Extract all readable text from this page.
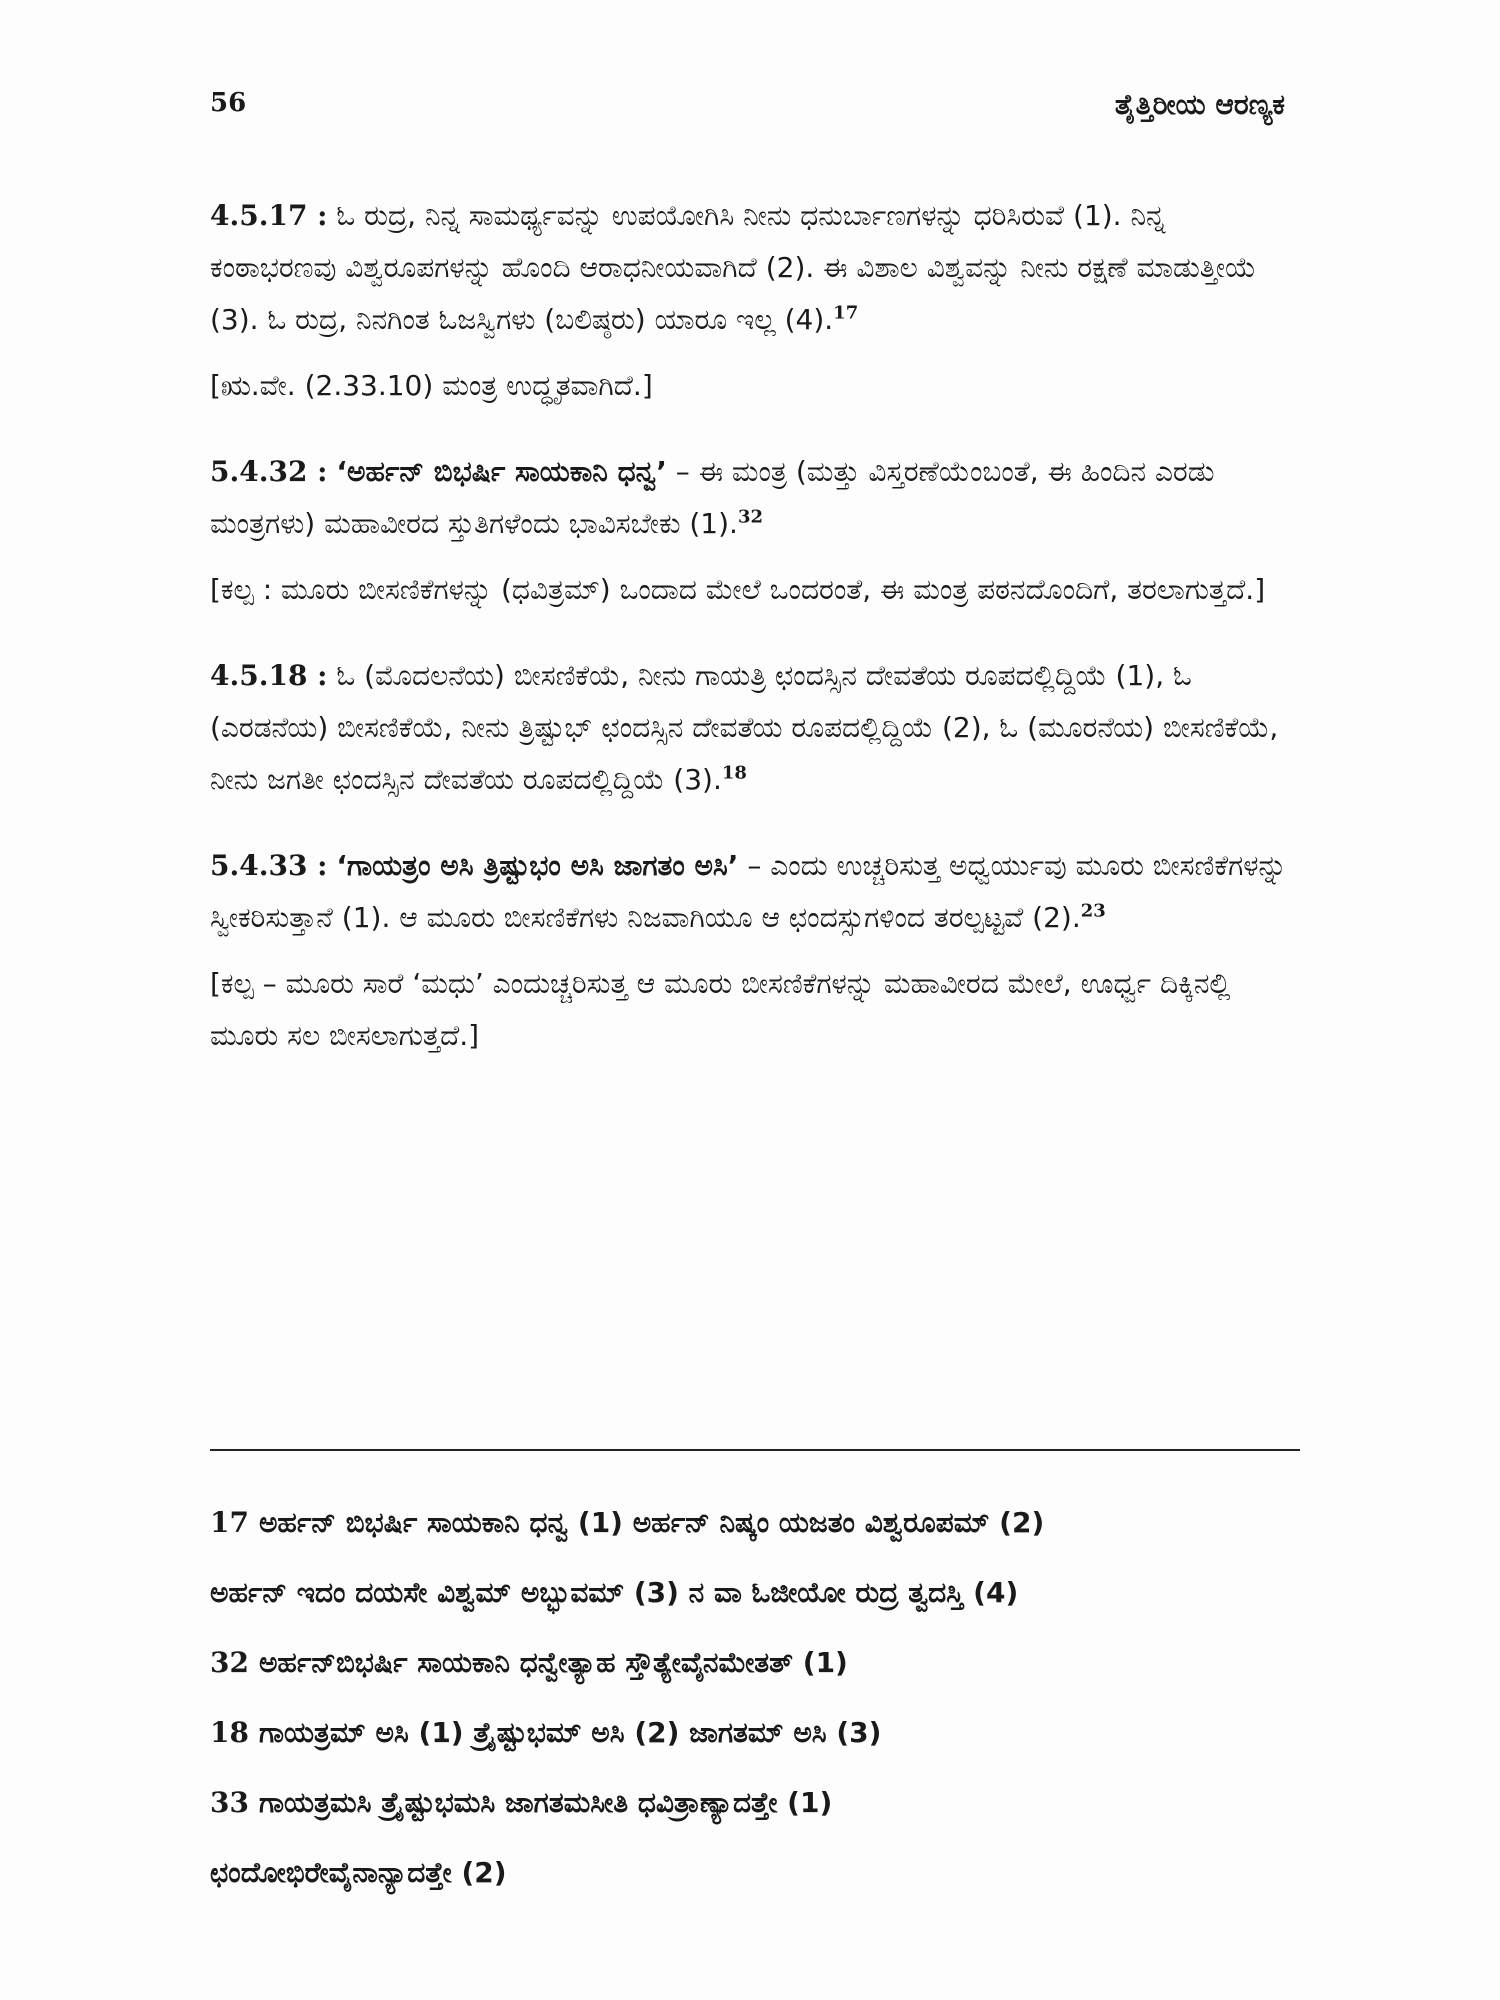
56	ತೈತ್ತಿರೀಯ ಆರಣ್ಯಕ

4.5.17 : ಓ ರುದ್ರ, ನಿನ್ನ ಸಾಮರ್ಥ್ಯವನ್ನು ಉಪಯೋಗಿಸಿ ನೀನು ಧನುರ್ಬಾಣಗಳನ್ನು ಧರಿಸಿರುವೆ (1). ನಿನ್ನ ಕಂಠಾಭರಣವು ವಿಶ್ವರೂಪಗಳನ್ನು ಹೊಂದಿ ಆರಾಧನೀಯವಾಗಿದೆ (2). ಈ ವಿಶಾಲ ವಿಶ್ವವನ್ನು ನೀನು ರಕ್ಷಣೆ ಮಾಡುತ್ತೀಯೆ (3). ಓ ರುದ್ರ, ನಿನಗಿಂತ ಓಜಸ್ವಿಗಳು (ಬಲಿಷ್ಠರು) ಯಾರೂ ಇಲ್ಲ (4).$^{17}$

[ಋ.ವೇ. (2.33.10) ಮಂತ್ರ ಉದ್ಧೃತವಾಗಿದೆ.]

5.4.32 : ‘ಅರ್ಹನ್ ಬಿಭರ್ಷಿ ಸಾಯಕಾನಿ ಧನ್ವ’ – ಈ ಮಂತ್ರ (ಮತ್ತು ವಿಸ್ತರಣೆಯೆಂಬಂತೆ, ಈ ಹಿಂದಿನ ಎರಡು ಮಂತ್ರಗಳು) ಮಹಾವೀರದ ಸ್ತುತಿಗಳೆಂದು ಭಾವಿಸಬೇಕು (1).$^{32}$

[ಕಲ್ಪ : ಮೂರು ಬೀಸಣಿಕೆಗಳನ್ನು (ಧವಿತ್ರಮ್) ಒಂದಾದ ಮೇಲೆ ಒಂದರಂತೆ, ಈ ಮಂತ್ರ ಪಠನದೊಂದಿಗೆ, ತರಲಾಗುತ್ತದೆ.]

4.5.18 : ಓ (ಮೊದಲನೆಯ) ಬೀಸಣಿಕೆಯೆ, ನೀನು ಗಾಯತ್ರಿ ಛಂದಸ್ಸಿನ ದೇವತೆಯ ರೂಪದಲ್ಲಿದ್ದಿಯೆ (1), ಓ (ಎರಡನೆಯ) ಬೀಸಣಿಕೆಯೆ, ನೀನು ತ್ರಿಷ್ಟುಭ್ ಛಂದಸ್ಸಿನ ದೇವತೆಯ ರೂಪದಲ್ಲಿದ್ದಿಯೆ (2), ಓ (ಮೂರನೆಯ) ಬೀಸಣಿಕೆಯೆ, ನೀನು ಜಗತೀ ಛಂದಸ್ಸಿನ ದೇವತೆಯ ರೂಪದಲ್ಲಿದ್ದಿಯೆ (3).$^{18}$

5.4.33 : ‘ಗಾಯತ್ರಂ ಅಸಿ ತ್ರಿಷ್ಟುಭಂ ಅಸಿ ಜಾಗತಂ ಅಸಿ’ – ಎಂದು ಉಚ್ಚರಿಸುತ್ತ ಅಧ್ವರ್ಯುವು ಮೂರು ಬೀಸಣಿಕೆಗಳನ್ನು ಸ್ವೀಕರಿಸುತ್ತಾನೆ (1). ಆ ಮೂರು ಬೀಸಣಿಕೆಗಳು ನಿಜವಾಗಿಯೂ ಆ ಛಂದಸ್ಸುಗಳಿಂದ ತರಲ್ಪಟ್ಟವೆ (2).$^{23}$

[ಕಲ್ಪ – ಮೂರು ಸಾರೆ ‘ಮಧು’ ಎಂದುಚ್ಚರಿಸುತ್ತ ಆ ಮೂರು ಬೀಸಣಿಕೆಗಳನ್ನು ಮಹಾವೀರದ ಮೇಲೆ, ಊರ್ಧ್ವ ದಿಕ್ಕಿನಲ್ಲಿ ಮೂರು ಸಲ ಬೀಸಲಾಗುತ್ತದೆ.]

17 ಅರ್ಹನ್ ಬಿಭರ್ಷಿ ಸಾಯಕಾನಿ ಧನ್ವ (1) ಅರ್ಹನ್ ನಿಷ್ಕಂ ಯಜತಂ ವಿಶ್ವರೂಪಮ್ (2)
ಅರ್ಹನ್ ಇದಂ ದಯಸೇ ವಿಶ್ವಮ್ ಅಬ್ಭುವಮ್ (3) ನ ವಾ ಓಜೀಯೋ ರುದ್ರ ತ್ವದಸ್ತಿ (4)
32 ಅರ್ಹನ್‌ಬಿಭರ್ಷಿ ಸಾಯಕಾನಿ ಧನ್ವೇತ್ಯಾಹ ಸ್ತೌತ್ಯೇವೈನಮೇತತ್ (1)
18 ಗಾಯತ್ರಮ್ ಅಸಿ (1) ತ್ರೈಷ್ಟುಭಮ್ ಅಸಿ (2) ಜಾಗತಮ್ ಅಸಿ (3)
33 ಗಾಯತ್ರಮಸಿ ತ್ರೈಷ್ಟುಭಮಸಿ ಜಾಗತಮಸೀತಿ ಧವಿತ್ರಾಣ್ಯಾದತ್ತೇ (1)
ಛಂದೋಭಿರೇವೈನಾನ್ಯಾದತ್ತೇ (2)
